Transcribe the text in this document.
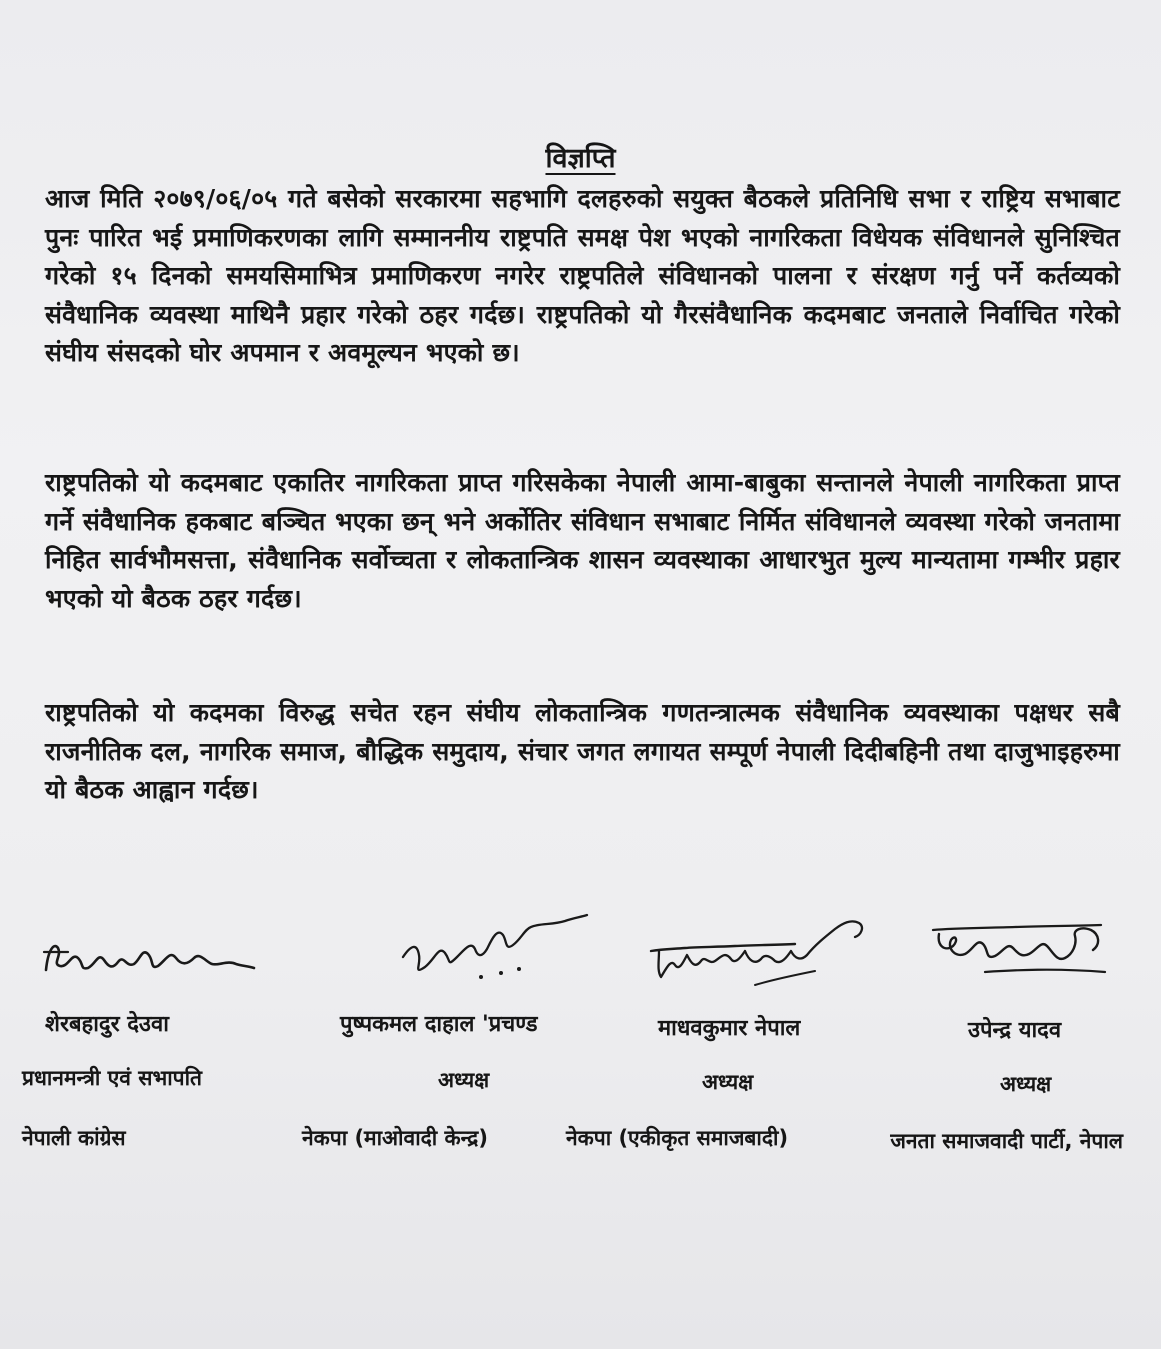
विज्ञप्ति
आज मिति २०७९/०६/०५ गते बसेको सरकारमा सहभागि दलहरुको सयुक्त बैठकले प्रतिनिधि सभा र राष्ट्रिय सभाबाट पुनः पारित भई प्रमाणिकरणका लागि सम्माननीय राष्ट्रपति समक्ष पेश भएको नागरिकता विधेयक संविधानले सुनिश्चित गरेको १५ दिनको समयसिमाभित्र प्रमाणिकरण नगरेर राष्ट्रपतिले संविधानको पालना र संरक्षण गर्नु पर्ने कर्तव्यको संवैधानिक व्यवस्था माथिनै प्रहार गरेको ठहर गर्दछ। राष्ट्रपतिको यो गैरसंवैधानिक कदमबाट जनताले निर्वाचित गरेको संघीय संसदको घोर अपमान र अवमूल्यन भएको छ।
राष्ट्रपतिको यो कदमबाट एकातिर नागरिकता प्राप्त गरिसकेका नेपाली आमा-बाबुका सन्तानले नेपाली नागरिकता प्राप्त गर्ने संवैधानिक हकबाट बञ्चित भएका छन् भने अर्कोतिर संविधान सभाबाट निर्मित संविधानले व्यवस्था गरेको जनतामा निहित सार्वभौमसत्ता, संवैधानिक सर्वोच्चता र लोकतान्त्रिक शासन व्यवस्थाका आधारभुत मुल्य मान्यतामा गम्भीर प्रहार भएको यो बैठक ठहर गर्दछ।
राष्ट्रपतिको यो कदमका विरुद्ध सचेत रहन संघीय लोकतान्त्रिक गणतन्त्रात्मक संवैधानिक व्यवस्थाका पक्षधर सबै राजनीतिक दल, नागरिक समाज, बौद्धिक समुदाय, संचार जगत लगायत सम्पूर्ण नेपाली दिदीबहिनी तथा दाजुभाइहरुमा यो बैठक आह्वान गर्दछ।
शेरबहादुर देउवा	पुष्पकमल दाहाल 'प्रचण्ड	माधवकुमार नेपाल	उपेन्द्र यादव
प्रधानमन्त्री एवं सभापति	अध्यक्ष	अध्यक्ष	अध्यक्ष
नेपाली कांग्रेस	नेकपा (माओवादी केन्द्र)	नेकपा (एकीकृत समाजबादी)	जनता समाजवादी पार्टी, नेपाल
